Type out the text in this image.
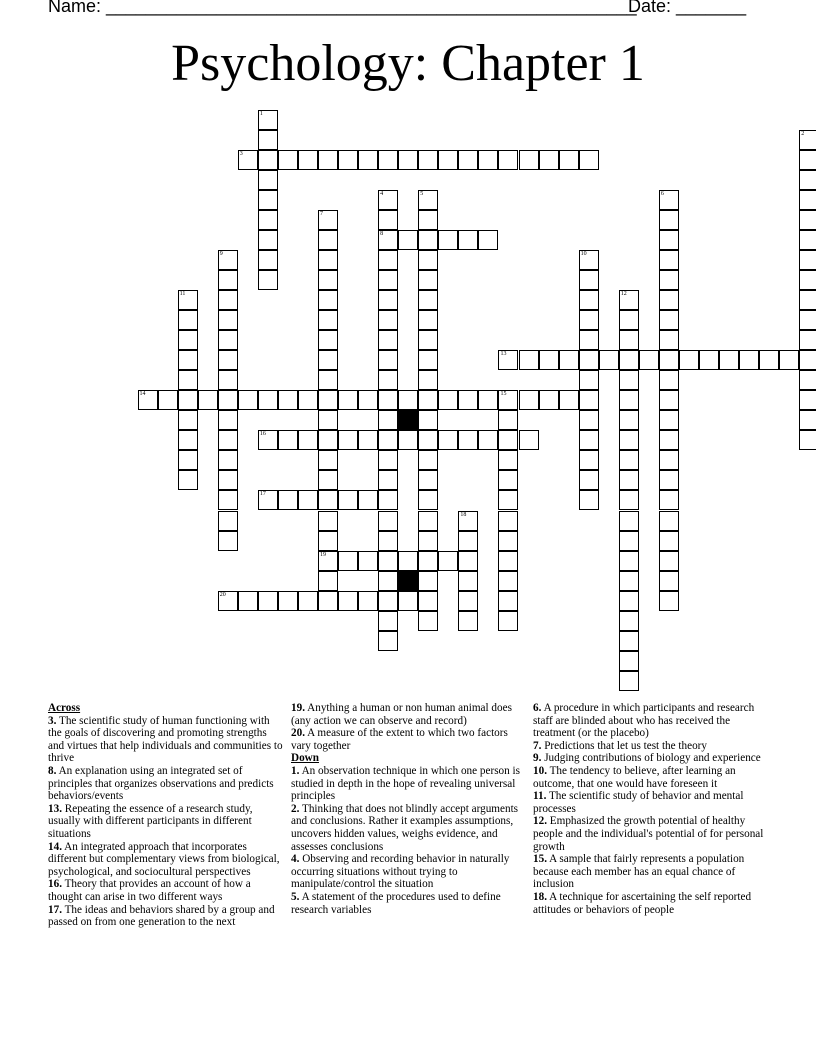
Name: _____________________________________________________
Date: _______
Psychology: Chapter 1
1
2
3
4
8
5	6
7
19
9	10
11	12
13
14	15
16
17
18
20
Across
3. The scientific study of human functioning with the goals of discovering and promoting strengths and virtues that help individuals and communities to thrive
8. An explanation using an integrated set of principles that organizes observations and predicts behaviors/events
13. Repeating the essence of a research study, usually with different participants in different situations
14. An integrated approach that incorporates different but complementary views from biological, psychological, and sociocultural perspectives
16. Theory that provides an account of how a thought can arise in two different ways
17. The ideas and behaviors shared by a group and passed on from one generation to the next
19. Anything a human or non human animal does (any action we can observe and record)
20. A measure of the extent to which two factors vary together
Down
1. An observation technique in which one person is studied in depth in the hope of revealing universal principles
2. Thinking that does not blindly accept arguments and conclusions. Rather it examples assumptions, uncovers hidden values, weighs evidence, and assesses conclusions
4. Observing and recording behavior in naturally occurring situations without trying to manipulate/control the situation
5. A statement of the procedures used to define research variables
6. A procedure in which participants and research staff are blinded about who has received the treatment (or the placebo)
7. Predictions that let us test the theory
9. Judging contributions of biology and experience
10. The tendency to believe, after learning an outcome, that one would have foreseen it
11. The scientific study of behavior and mental processes
12. Emphasized the growth potential of healthy people and the individual's potential of for personal growth
15. A sample that fairly represents a population because each member has an equal chance of inclusion
18. A technique for ascertaining the self reported attitudes or behaviors of people
